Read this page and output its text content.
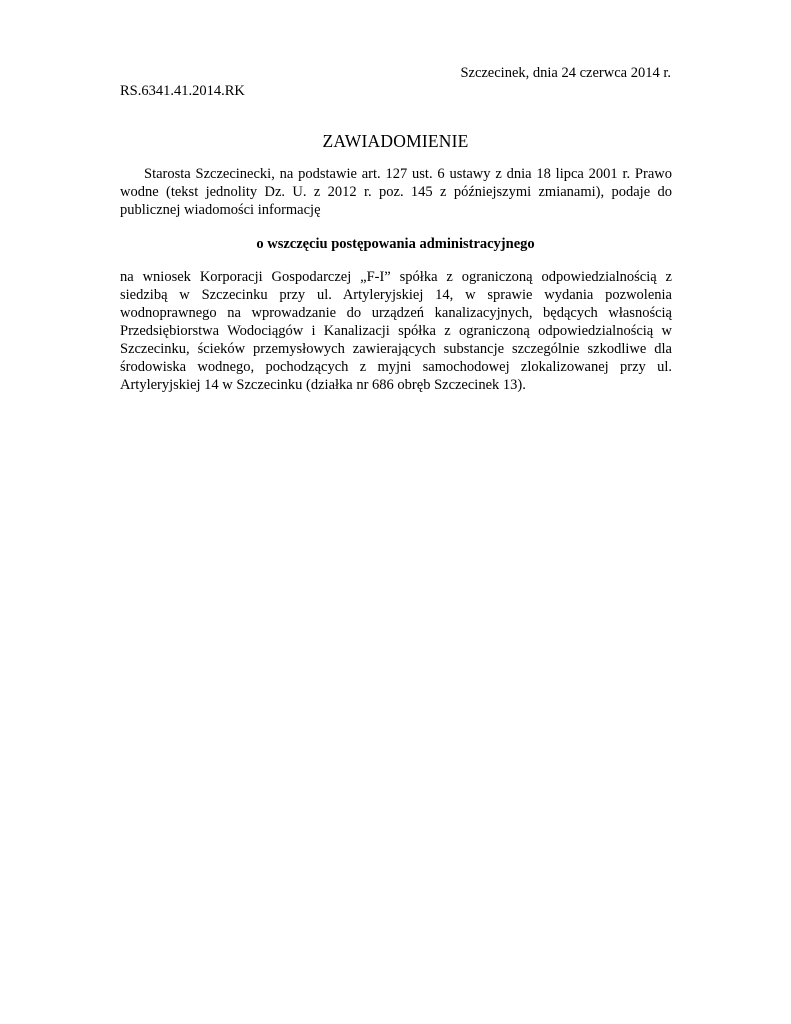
Szczecinek, dnia 24 czerwca 2014 r.
RS.6341.41.2014.RK
ZAWIADOMIENIE

Starosta Szczecinecki, na podstawie art. 127 ust. 6 ustawy z dnia 18 lipca 2001 r. Prawo wodne (tekst jednolity Dz. U. z 2012 r. poz. 145 z późniejszymi zmianami), podaje do publicznej wiadomości informację

o wszczęciu postępowania administracyjnego

na wniosek Korporacji Gospodarczej „F-I” spółka z ograniczoną odpowiedzialnością z siedzibą w Szczecinku przy ul. Artyleryjskiej 14, w sprawie wydania pozwolenia wodnoprawnego na wprowadzanie do urządzeń kanalizacyjnych, będących własnością Przedsiębiorstwa Wodociągów i Kanalizacji spółka z ograniczoną odpowiedzialnością w Szczecinku, ścieków przemysłowych zawierających substancje szczególnie szkodliwe dla środowiska wodnego, pochodzących z myjni samochodowej zlokalizowanej przy ul. Artyleryjskiej 14 w Szczecinku (działka nr 686 obręb Szczecinek 13).
